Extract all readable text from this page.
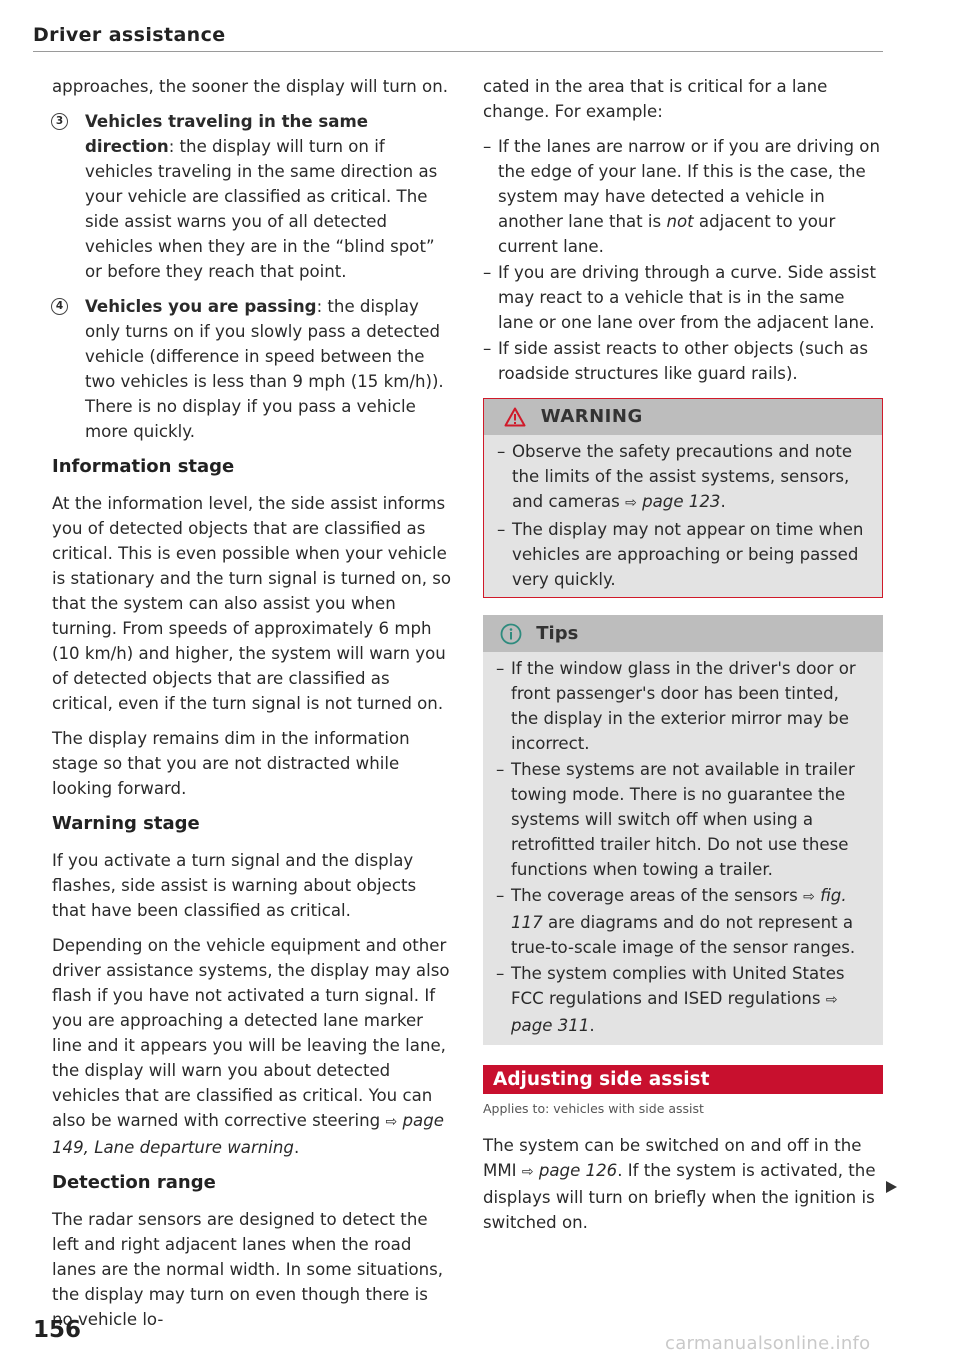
Driver assistance

approaches, the sooner the display will turn on.

3 Vehicles traveling in the same direction: the display will turn on if vehicles traveling in the same direction as your vehicle are classified as critical. The side assist warns you of all detected vehicles when they are in the “blind spot” or before they reach that point.
4 Vehicles you are passing: the display only turns on if you slowly pass a detected vehicle (difference in speed between the two vehicles is less than 9 mph (15 km/h)). There is no display if you pass a vehicle more quickly.
Information stage

At the information level, the side assist informs you of detected objects that are classified as critical. This is even possible when your vehicle is stationary and the turn signal is turned on, so that the system can also assist you when turning. From speeds of approximately 6 mph (10 km/h) and higher, the system will warn you of detected objects that are classified as critical, even if the turn signal is not turned on.

The display remains dim in the information stage so that you are not distracted while looking forward.

Warning stage

If you activate a turn signal and the display flashes, side assist is warning about objects that have been classified as critical.

Depending on the vehicle equipment and other driver assistance systems, the display may also flash if you have not activated a turn signal. If you are approaching a detected lane marker line and it appears you will be leaving the lane, the display will warn you about detected vehicles that are classified as critical. You can also be warned with corrective steering ⇨ page 149, Lane departure warning.

Detection range

The radar sensors are designed to detect the left and right adjacent lanes when the road lanes are the normal width. In some situations, the display may turn on even though there is no vehicle lo-

cated in the area that is critical for a lane change. For example:

– If the lanes are narrow or if you are driving on the edge of your lane. If this is the case, the system may have detected a vehicle in another lane that is not adjacent to your current lane.
– If you are driving through a curve. Side assist may react to a vehicle that is in the same lane or one lane over from the adjacent lane.
– If side assist reacts to other objects (such as roadside structures like guard rails).
WARNING
– Observe the safety precautions and note the limits of the assist systems, sensors, and cameras ⇨ page 123.
– The display may not appear on time when vehicles are approaching or being passed very quickly.
Tips
– If the window glass in the driver's door or front passenger's door has been tinted, the display in the exterior mirror may be incorrect.
– These systems are not available in trailer towing mode. There is no guarantee the systems will switch off when using a retrofitted trailer hitch. Do not use these functions when towing a trailer.
– The coverage areas of the sensors ⇨ fig. 117 are diagrams and do not represent a true-to-scale image of the sensor ranges.
– The system complies with United States FCC regulations and ISED regulations ⇨ page 311.
Adjusting side assist
Applies to: vehicles with side assist

The system can be switched on and off in the MMI ⇨ page 126. If the system is activated, the displays will turn on briefly when the ignition is switched on.

156
carmanualsonline.info
